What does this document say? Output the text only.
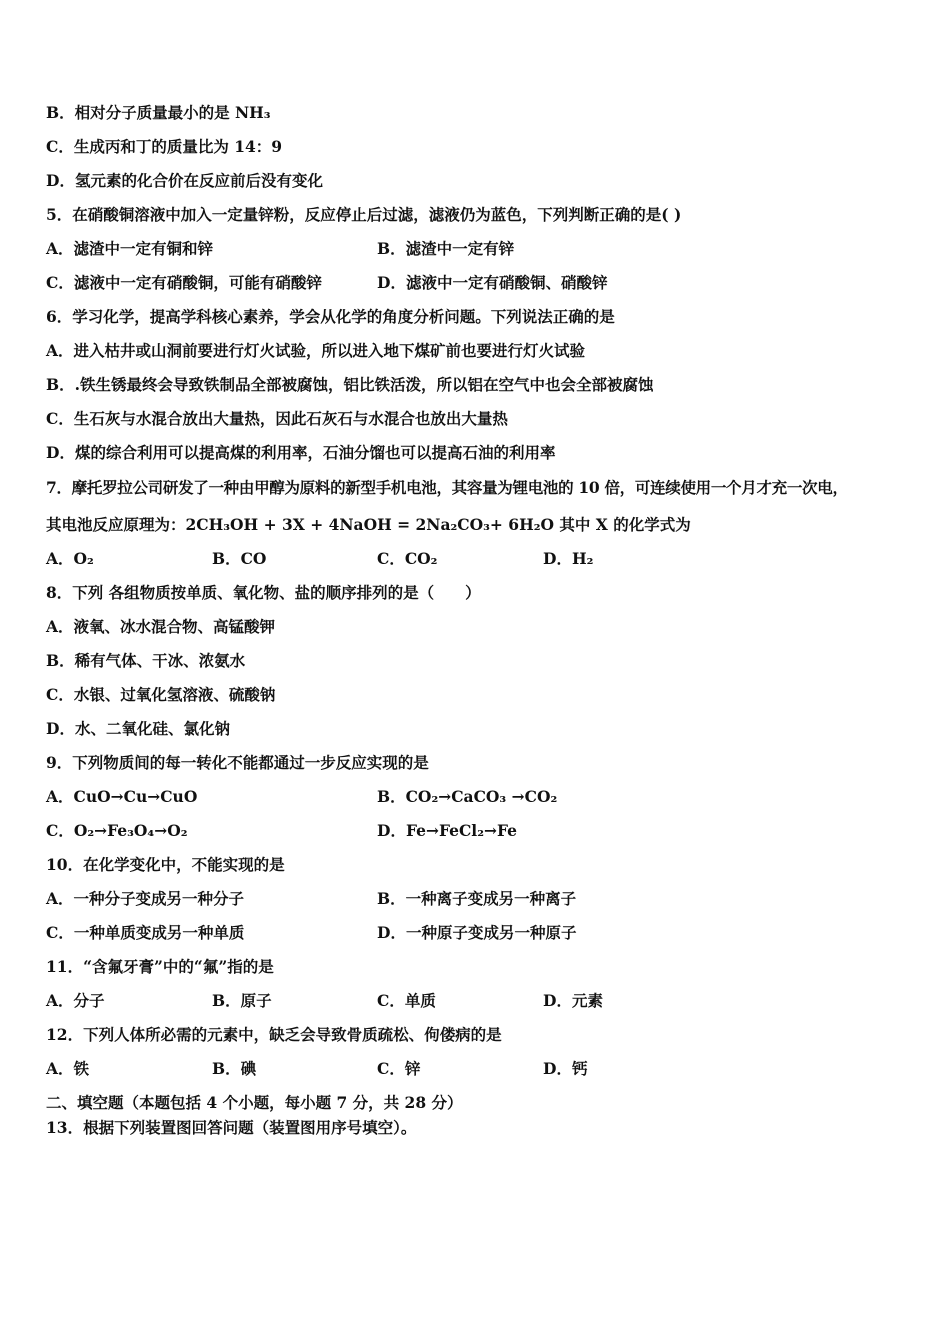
B．相对分子质量最小的是 NH₃
C．生成丙和丁的质量比为 14：9
D．氢元素的化合价在反应前后没有变化
5．在硝酸铜溶液中加入一定量锌粉，反应停止后过滤，滤液仍为蓝色，下列判断正确的是( )
A．滤渣中一定有铜和锌	B．滤渣中一定有锌
C．滤液中一定有硝酸铜，可能有硝酸锌	D．滤液中一定有硝酸铜、硝酸锌
6．学习化学，提高学科核心素养，学会从化学的角度分析问题。下列说法正确的是
A．进入枯井或山洞前要进行灯火试验，所以进入地下煤矿前也要进行灯火试验
B．.铁生锈最终会导致铁制品全部被腐蚀，铝比铁活泼，所以铝在空气中也会全部被腐蚀
C．生石灰与水混合放出大量热，因此石灰石与水混合也放出大量热
D．煤的综合利用可以提高煤的利用率，石油分馏也可以提高石油的利用率
7．摩托罗拉公司研发了一种由甲醇为原料的新型手机电池，其容量为锂电池的 10 倍，可连续使用一个月才充一次电，
其电池反应原理为：2CH₃OH + 3X + 4NaOH = 2Na₂CO₃+ 6H₂O 其中 X 的化学式为
A．O₂	B．CO	C．CO₂	D．H₂
8．下列 各组物质按单质、氧化物、盐的顺序排列的是（　　）
A．液氧、冰水混合物、高锰酸钾
B．稀有气体、干冰、浓氨水
C．水银、过氧化氢溶液、硫酸钠
D．水、二氧化硅、氯化钠
9．下列物质间的每一转化不能都通过一步反应实现的是
A．CuO→Cu→CuO	B．CO₂→CaCO₃ →CO₂
C．O₂→Fe₃O₄→O₂	D．Fe→FeCl₂→Fe
10．在化学变化中，不能实现的是
A．一种分子变成另一种分子	B．一种离子变成另一种离子
C．一种单质变成另一种单质	D．一种原子变成另一种原子
11．“含氟牙膏”中的“氟”指的是
A．分子	B．原子	C．单质	D．元素
12．下列人体所必需的元素中，缺乏会导致骨质疏松、佝偻病的是
A．铁	B．碘	C．锌	D．钙
二、填空题（本题包括 4 个小题，每小题 7 分，共 28 分）
13．根据下列装置图回答问题（装置图用序号填空）。
